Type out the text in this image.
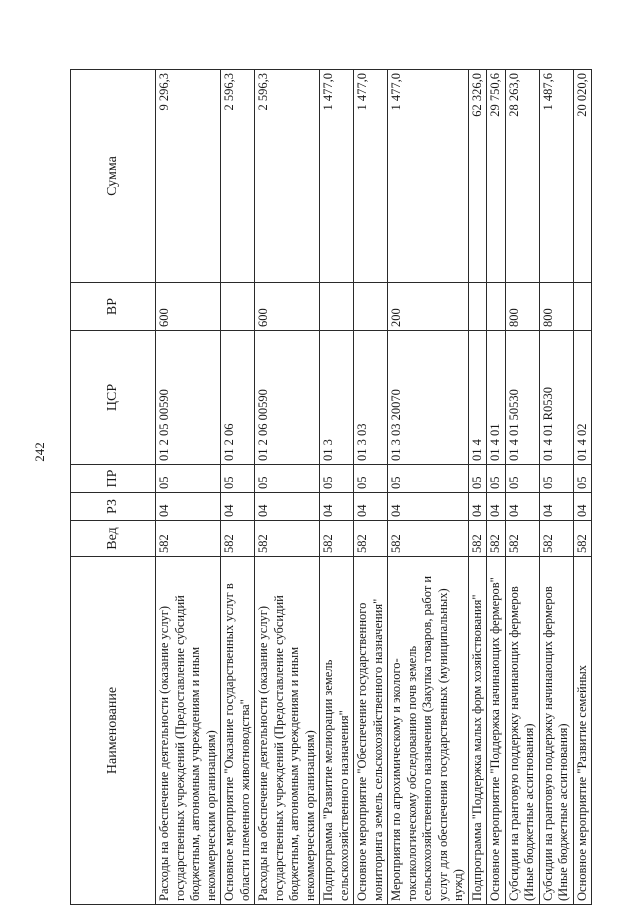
242
Наименование	Вед	РЗ	ПР	ЦСР	ВР	Сумма
Расходы на обеспечение деятельности (оказание услуг) государственных учреждений (Предоставление субсидий бюджетным, автономным учреждениям и иным некоммерческим организациям)	582	04	05	01 2 05 00590	600	9 296,3
Основное мероприятие "Оказание государственных услуг в области племенного животноводства"	582	04	05	01 2 06		2 596,3
Расходы на обеспечение деятельности (оказание услуг) государственных учреждений (Предоставление субсидий бюджетным, автономным учреждениям и иным некоммерческим организациям)	582	04	05	01 2 06 00590	600	2 596,3
Подпрограмма "Развитие мелиорации земель сельскохозяйственного назначения"	582	04	05	01 3		1 477,0
Основное мероприятие "Обеспечение государственного мониторинга земель сельскохозяйственного назначения"	582	04	05	01 3 03		1 477,0
Мероприятия по агрохимическому и эколого-токсикологическому обследованию почв земель сельскохозяйственного назначения (Закупка товаров, работ и услуг для обеспечения государственных (муниципальных) нужд)	582	04	05	01 3 03 20070	200	1 477,0
Подпрограмма "Поддержка малых форм хозяйствования"	582	04	05	01 4		62 326,0
Основное мероприятие "Поддержка начинающих фермеров"	582	04	05	01 4 01		29 750,6
Субсидии на грантовую поддержку начинающих фермеров (Иные бюджетные ассигнования)	582	04	05	01 4 01 50530	800	28 263,0
Субсидии на грантовую поддержку начинающих фермеров (Иные бюджетные ассигнования)	582	04	05	01 4 01 R0530	800	1 487,6
Основное мероприятие "Развитие семейных	582	04	05	01 4 02		20 020,0
